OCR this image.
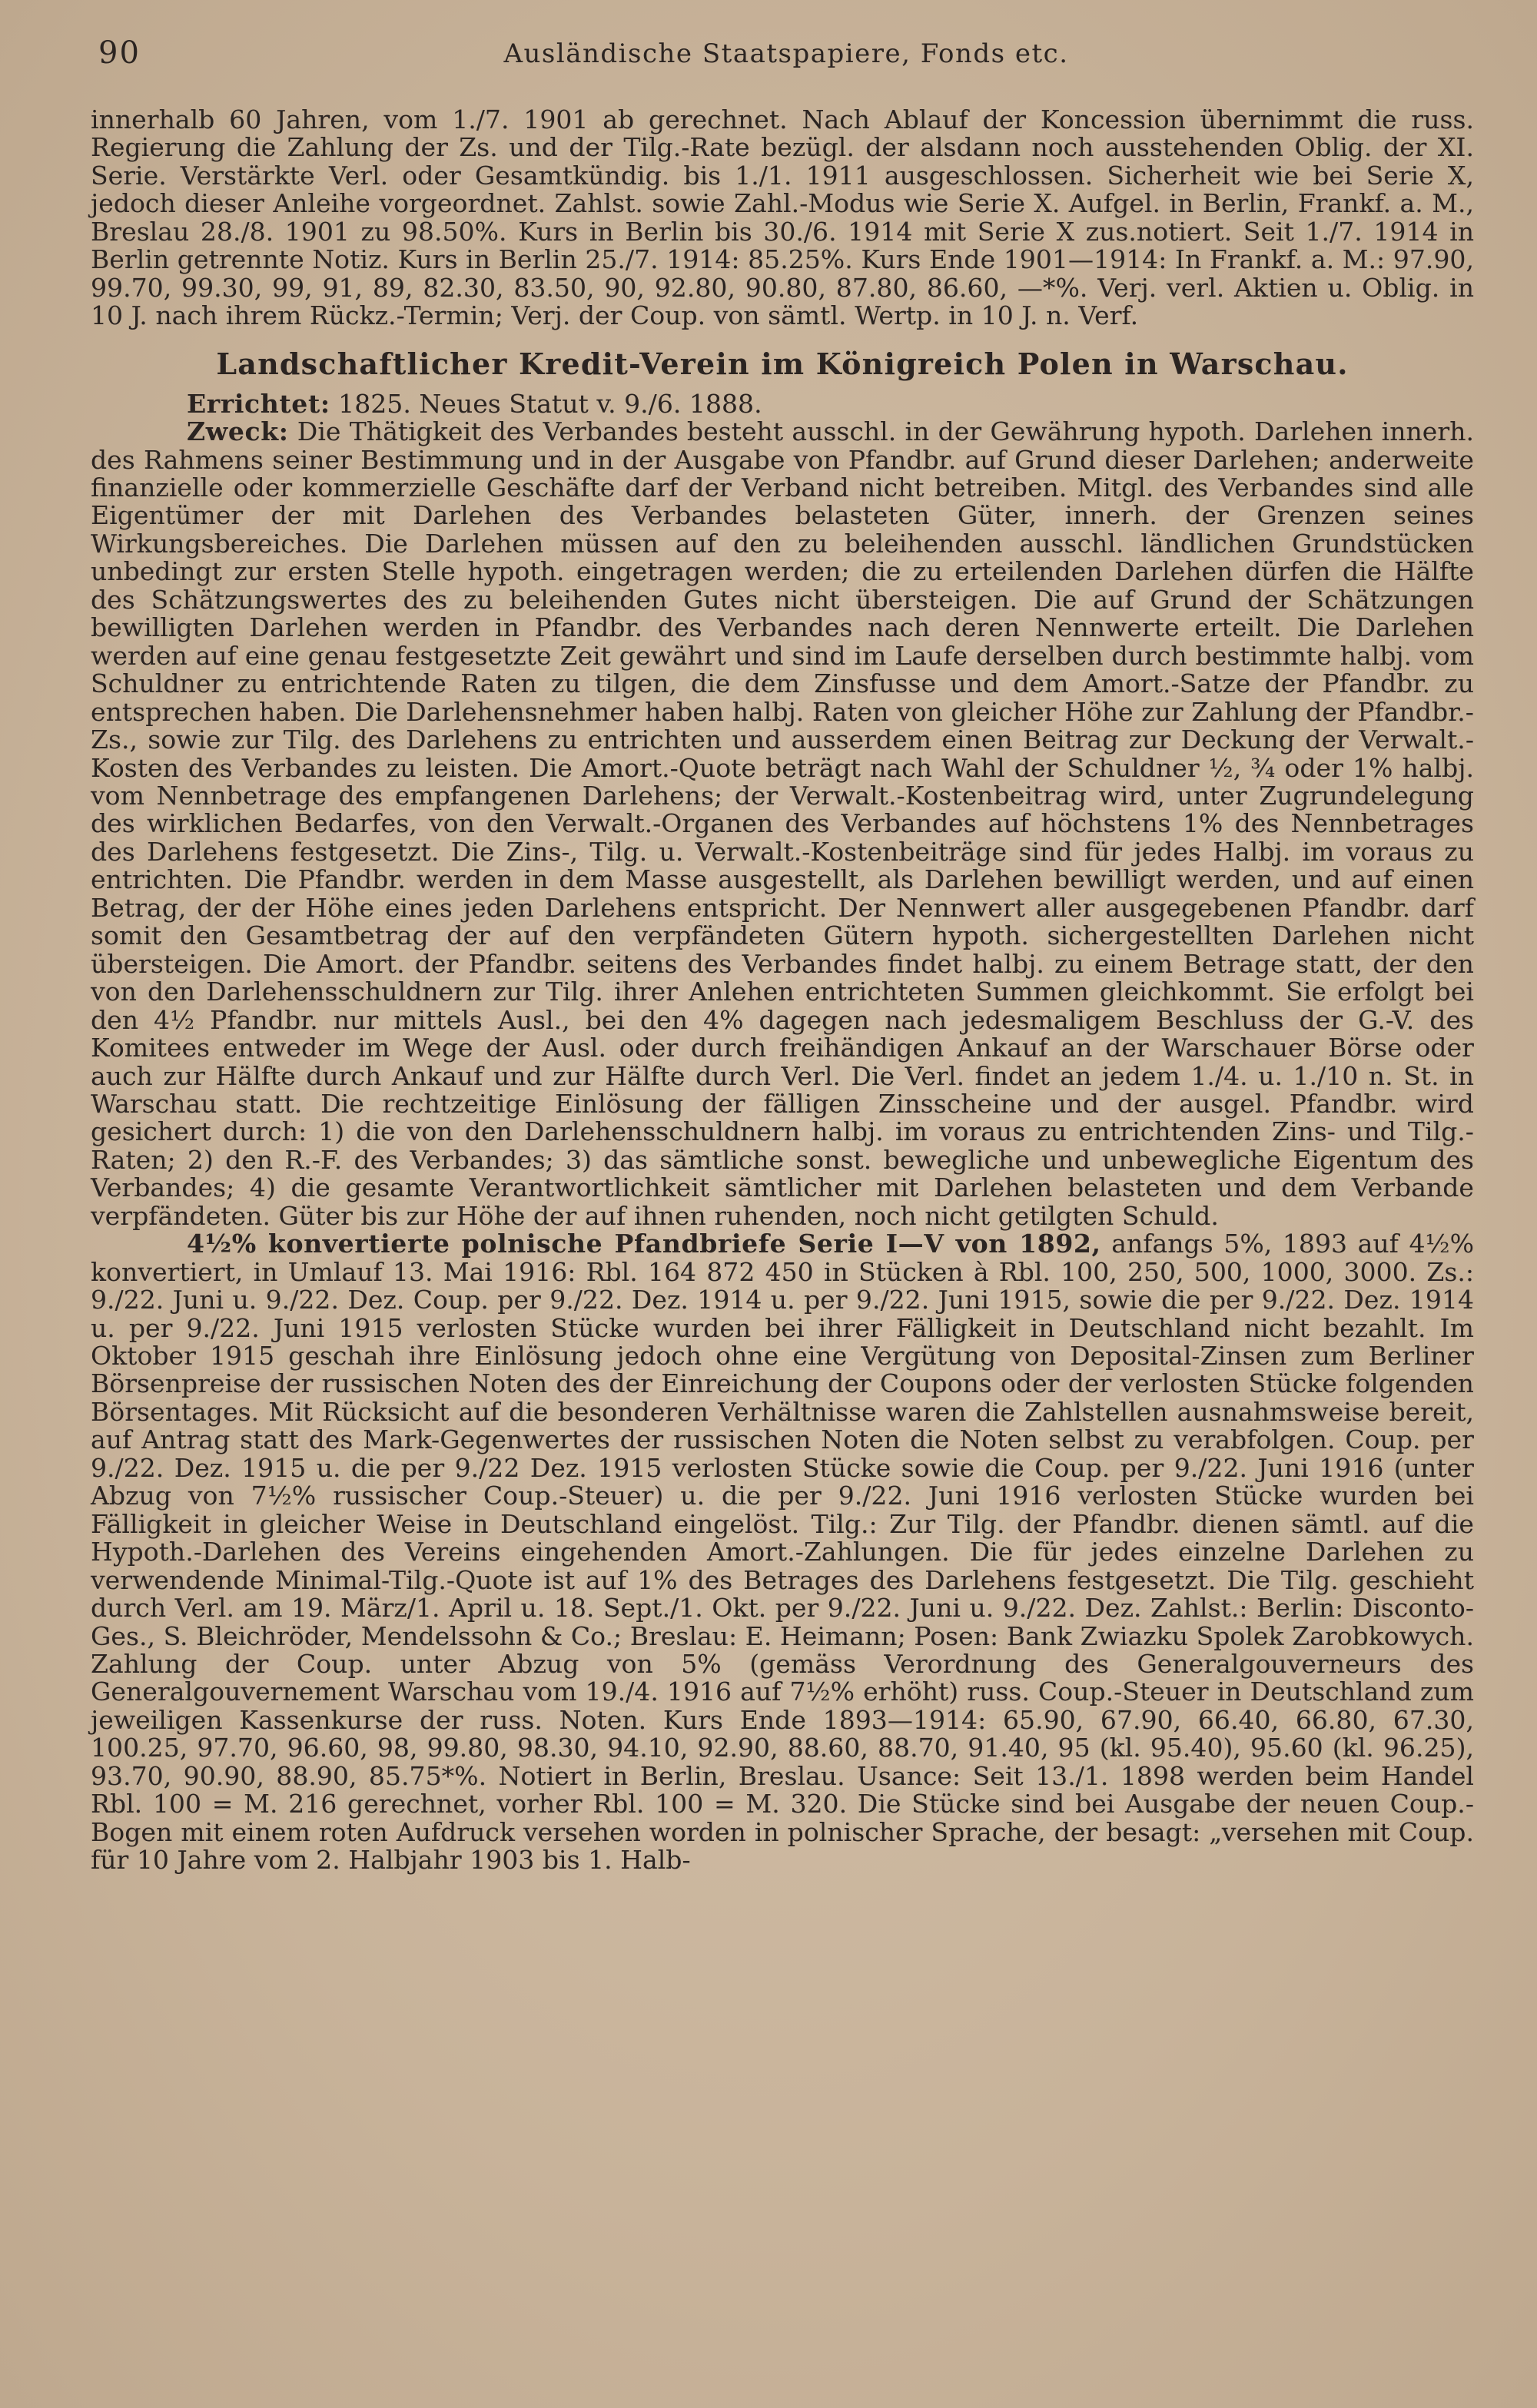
90	Ausländische Staatspapiere, Fonds etc.

innerhalb 60 Jahren, vom 1./7. 1901 ab gerechnet. Nach Ablauf der Koncession übernimmt die russ. Regierung die Zahlung der Zs. und der Tilg.-Rate bezügl. der alsdann noch ausstehenden Oblig. der XI. Serie. Verstärkte Verl. oder Gesamtkündig. bis 1./1. 1911 ausgeschlossen. Sicherheit wie bei Serie X, jedoch dieser Anleihe vorgeordnet. Zahlst. sowie Zahl.-Modus wie Serie X. Aufgel. in Berlin, Frankf. a. M., Breslau 28./8. 1901 zu 98.50%. Kurs in Berlin bis 30./6. 1914 mit Serie X zus.notiert. Seit 1./7. 1914 in Berlin getrennte Notiz. Kurs in Berlin 25./7. 1914: 85.25%. Kurs Ende 1901—1914: In Frankf. a. M.: 97.90, 99.70, 99.30, 99, 91, 89, 82.30, 83.50, 90, 92.80, 90.80, 87.80, 86.60, —*%. Verj. verl. Aktien u. Oblig. in 10 J. nach ihrem Rückz.-Termin; Verj. der Coup. von sämtl. Wertp. in 10 J. n. Verf.

Landschaftlicher Kredit-Verein im Königreich Polen in Warschau.

Errichtet: 1825. Neues Statut v. 9./6. 1888.

Zweck: Die Thätigkeit des Verbandes besteht ausschl. in der Gewährung hypoth. Darlehen innerh. des Rahmens seiner Bestimmung und in der Ausgabe von Pfandbr. auf Grund dieser Darlehen; anderweite finanzielle oder kommerzielle Geschäfte darf der Verband nicht betreiben. Mitgl. des Verbandes sind alle Eigentümer der mit Darlehen des Verbandes belasteten Güter, innerh. der Grenzen seines Wirkungsbereiches. Die Darlehen müssen auf den zu beleihenden ausschl. ländlichen Grundstücken unbedingt zur ersten Stelle hypoth. eingetragen werden; die zu erteilenden Darlehen dürfen die Hälfte des Schätzungswertes des zu beleihenden Gutes nicht übersteigen. Die auf Grund der Schätzungen bewilligten Darlehen werden in Pfandbr. des Verbandes nach deren Nennwerte erteilt. Die Darlehen werden auf eine genau festgesetzte Zeit gewährt und sind im Laufe derselben durch bestimmte halbj. vom Schuldner zu entrichtende Raten zu tilgen, die dem Zinsfusse und dem Amort.-Satze der Pfandbr. zu entsprechen haben. Die Darlehensnehmer haben halbj. Raten von gleicher Höhe zur Zahlung der Pfandbr.-Zs., sowie zur Tilg. des Darlehens zu entrichten und ausserdem einen Beitrag zur Deckung der Verwalt.-Kosten des Verbandes zu leisten. Die Amort.-Quote beträgt nach Wahl der Schuldner ½, ¾ oder 1% halbj. vom Nennbetrage des empfangenen Darlehens; der Verwalt.-Kostenbeitrag wird, unter Zugrundelegung des wirklichen Bedarfes, von den Verwalt.-Organen des Verbandes auf höchstens 1% des Nennbetrages des Darlehens festgesetzt. Die Zins-, Tilg. u. Verwalt.-Kostenbeiträge sind für jedes Halbj. im voraus zu entrichten. Die Pfandbr. werden in dem Masse ausgestellt, als Darlehen bewilligt werden, und auf einen Betrag, der der Höhe eines jeden Darlehens entspricht. Der Nennwert aller ausgegebenen Pfandbr. darf somit den Gesamtbetrag der auf den verpfändeten Gütern hypoth. sichergestellten Darlehen nicht übersteigen. Die Amort. der Pfandbr. seitens des Verbandes findet halbj. zu einem Betrage statt, der den von den Darlehensschuldnern zur Tilg. ihrer Anlehen entrichteten Summen gleichkommt. Sie erfolgt bei den 4½ Pfandbr. nur mittels Ausl., bei den 4% dagegen nach jedesmaligem Beschluss der G.-V. des Komitees entweder im Wege der Ausl. oder durch freihändigen Ankauf an der Warschauer Börse oder auch zur Hälfte durch Ankauf und zur Hälfte durch Verl. Die Verl. findet an jedem 1./4. u. 1./10 n. St. in Warschau statt. Die rechtzeitige Einlösung der fälligen Zinsscheine und der ausgel. Pfandbr. wird gesichert durch: 1) die von den Darlehensschuldnern halbj. im voraus zu entrichtenden Zins- und Tilg.-Raten; 2) den R.-F. des Verbandes; 3) das sämtliche sonst. bewegliche und unbewegliche Eigentum des Verbandes; 4) die gesamte Verantwortlichkeit sämtlicher mit Darlehen belasteten und dem Verbande verpfändeten. Güter bis zur Höhe der auf ihnen ruhenden, noch nicht getilgten Schuld.

4½% konvertierte polnische Pfandbriefe Serie I—V von 1892, anfangs 5%, 1893 auf 4½% konvertiert, in Umlauf 13. Mai 1916: Rbl. 164 872 450 in Stücken à Rbl. 100, 250, 500, 1000, 3000. Zs.: 9./22. Juni u. 9./22. Dez. Coup. per 9./22. Dez. 1914 u. per 9./22. Juni 1915, sowie die per 9./22. Dez. 1914 u. per 9./22. Juni 1915 verlosten Stücke wurden bei ihrer Fälligkeit in Deutschland nicht bezahlt. Im Oktober 1915 geschah ihre Einlösung jedoch ohne eine Vergütung von Deposital-Zinsen zum Berliner Börsenpreise der russischen Noten des der Einreichung der Coupons oder der verlosten Stücke folgenden Börsentages. Mit Rücksicht auf die besonderen Verhältnisse waren die Zahlstellen ausnahmsweise bereit, auf Antrag statt des Mark-Gegenwertes der russischen Noten die Noten selbst zu verabfolgen. Coup. per 9./22. Dez. 1915 u. die per 9./22 Dez. 1915 verlosten Stücke sowie die Coup. per 9./22. Juni 1916 (unter Abzug von 7½% russischer Coup.-Steuer) u. die per 9./22. Juni 1916 verlosten Stücke wurden bei Fälligkeit in gleicher Weise in Deutschland eingelöst. Tilg.: Zur Tilg. der Pfandbr. dienen sämtl. auf die Hypoth.-Darlehen des Vereins eingehenden Amort.-Zahlungen. Die für jedes einzelne Darlehen zu verwendende Minimal-Tilg.-Quote ist auf 1% des Betrages des Darlehens festgesetzt. Die Tilg. geschieht durch Verl. am 19. März/1. April u. 18. Sept./1. Okt. per 9./22. Juni u. 9./22. Dez. Zahlst.: Berlin: Disconto-Ges., S. Bleichröder, Mendelssohn & Co.; Breslau: E. Heimann; Posen: Bank Zwiazku Spolek Zarobkowych. Zahlung der Coup. unter Abzug von 5% (gemäss Verordnung des Generalgouverneurs des Generalgouvernement Warschau vom 19./4. 1916 auf 7½% erhöht) russ. Coup.-Steuer in Deutschland zum jeweiligen Kassenkurse der russ. Noten. Kurs Ende 1893—1914: 65.90, 67.90, 66.40, 66.80, 67.30, 100.25, 97.70, 96.60, 98, 99.80, 98.30, 94.10, 92.90, 88.60, 88.70, 91.40, 95 (kl. 95.40), 95.60 (kl. 96.25), 93.70, 90.90, 88.90, 85.75*%. Notiert in Berlin, Breslau. Usance: Seit 13./1. 1898 werden beim Handel Rbl. 100 = M. 216 gerechnet, vorher Rbl. 100 = M. 320. Die Stücke sind bei Ausgabe der neuen Coup.-Bogen mit einem roten Aufdruck versehen worden in polnischer Sprache, der besagt: „versehen mit Coup. für 10 Jahre vom 2. Halbjahr 1903 bis 1. Halb-
